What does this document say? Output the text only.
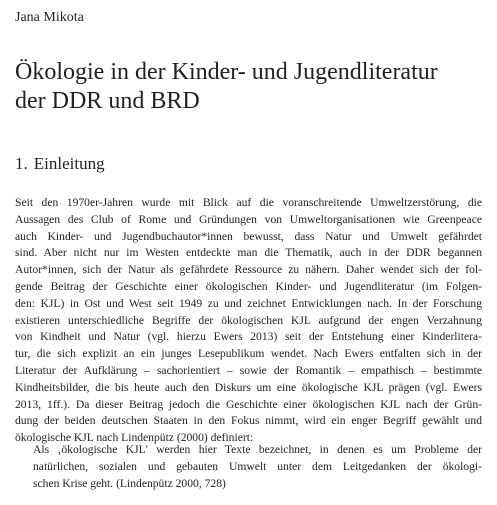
Jana Mikota
Ökologie in der Kinder- und Jugendliteratur
der DDR und BRD
1. Einleitung
Seit den 1970er-Jahren wurde mit Blick auf die voranschreitende Umweltzerstörung, die
Aussagen des Club of Rome und Gründungen von Umweltorganisationen wie Greenpeace
auch Kinder- und Jugendbuchautor*innen bewusst, dass Natur und Umwelt gefährdet
sind. Aber nicht nur im Westen entdeckte man die Thematik, auch in der DDR begannen
Autor*innen, sich der Natur als gefährdete Ressource zu nähern. Daher wendet sich der fol-
gende Beitrag der Geschichte einer ökologischen Kinder- und Jugendliteratur (im Folgen-
den: KJL) in Ost und West seit 1949 zu und zeichnet Entwicklungen nach. In der Forschung
existieren unterschiedliche Begriffe der ökologischen KJL aufgrund der engen Verzahnung
von Kindheit und Natur (vgl. hierzu Ewers 2013) seit der Entstehung einer Kinderlitera-
tur, die sich explizit an ein junges Lesepublikum wendet. Nach Ewers entfalten sich in der
Literatur der Aufklärung – sachorientiert – sowie der Romantik – empathisch – bestimmte
Kindheitsbilder, die bis heute auch den Diskurs um eine ökologische KJL prägen (vgl. Ewers
2013, 1ff.). Da dieser Beitrag jedoch die Geschichte einer ökologischen KJL nach der Grün-
dung der beiden deutschen Staaten in den Fokus nimmt, wird ein enger Begriff gewählt und
ökologische KJL nach Lindenpütz (2000) definiert:
Als ‚ökologische KJL' werden hier Texte bezeichnet, in denen es um Probleme der
natürlichen, sozialen und gebauten Umwelt unter dem Leitgedanken der ökologi-
schen Krise geht. (Lindenpütz 2000, 728)
